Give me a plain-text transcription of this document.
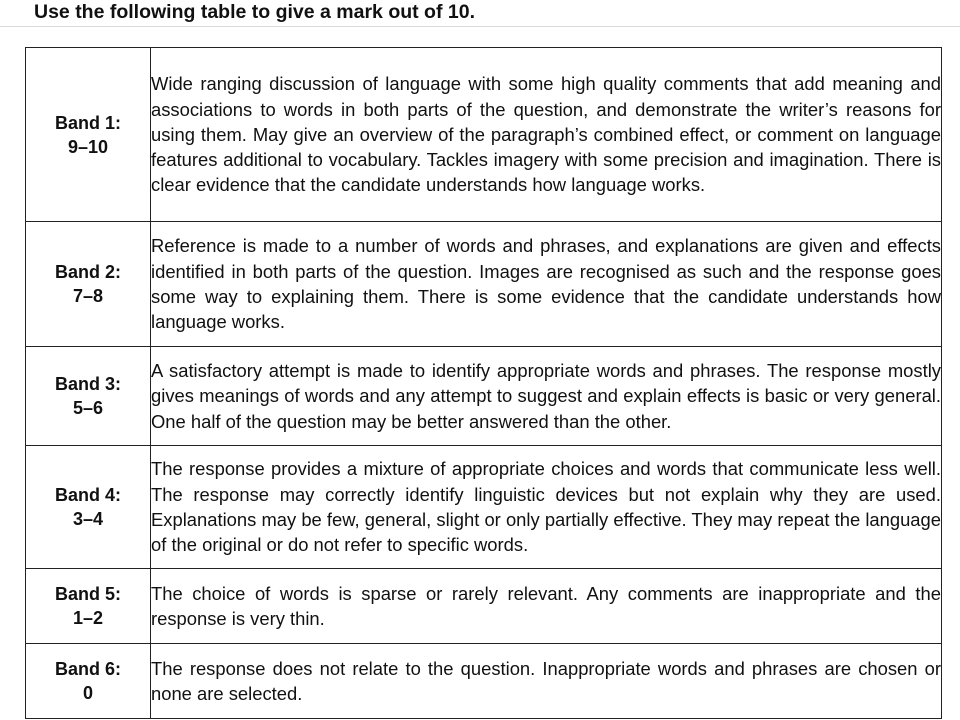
Use the following table to give a mark out of 10.
Band 1:
9–10	Wide ranging discussion of language with some high quality comments that add meaning and associations to words in both parts of the question, and demonstrate the writer’s reasons for using them. May give an overview of the paragraph’s combined effect, or comment on language features additional to vocabulary. Tackles imagery with some precision and imagination. There is clear evidence that the candidate understands how language works.

Band 2:
7–8	Reference is made to a number of words and phrases, and explanations are given and effects identified in both parts of the question. Images are recognised as such and the response goes some way to explaining them. There is some evidence that the candidate understands how language works.

Band 3:
5–6	A satisfactory attempt is made to identify appropriate words and phrases. The response mostly gives meanings of words and any attempt to suggest and explain effects is basic or very general. One half of the question may be better answered than the other.

Band 4:
3–4	The response provides a mixture of appropriate choices and words that communicate less well. The response may correctly identify linguistic devices but not explain why they are used. Explanations may be few, general, slight or only partially effective. They may repeat the language of the original or do not refer to specific words.

Band 5:
1–2	The choice of words is sparse or rarely relevant. Any comments are inappropriate and the response is very thin.

Band 6:
0	The response does not relate to the question. Inappropriate words and phrases are chosen or none are selected.
